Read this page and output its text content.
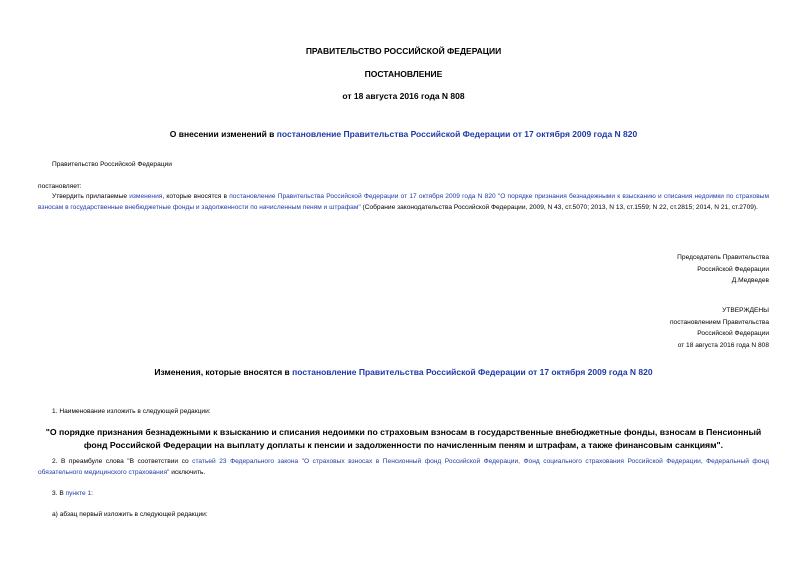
ПРАВИТЕЛЬСТВО РОССИЙСКОЙ ФЕДЕРАЦИИ
ПОСТАНОВЛЕНИЕ
от 18 августа 2016 года N 808
О внесении изменений в постановление Правительства Российской Федерации от 17 октября 2009 года N 820
Правительство Российской Федерации
постановляет:
Утвердить прилагаемые изменения, которые вносятся в постановление Правительства Российской Федерации от 17 октября 2009 года N 820 "О порядке признания безнадежными к взысканию и списания недоимки по страховым взносам в государственные внебюджетные фонды и задолженности по начисленным пеням и штрафам" (Собрание законодательства Российской Федерации, 2009, N 43, ст.5070; 2013, N 13, ст.1559; N 22, ст.2815; 2014, N 21, ст.2709).
Председатель Правительства
Российской Федерации
Д.Медведев
УТВЕРЖДЕНЫ
постановлением Правительства
Российской Федерации
от 18 августа 2016 года N 808
Изменения, которые вносятся в постановление Правительства Российской Федерации от 17 октября 2009 года N 820
1. Наименование изложить в следующей редакции:
"О порядке признания безнадежными к взысканию и списания недоимки по страховым взносам в государственные внебюджетные фонды, взносам в Пенсионный фонд Российской Федерации на выплату доплаты к пенсии и задолженности по начисленным пеням и штрафам, а также финансовым санкциям".
2. В преамбуле слова "В соответствии со статьей 23 Федерального закона "О страховых взносах в Пенсионный фонд Российской Федерации, Фонд социального страхования Российской Федерации, Федеральный фонд обязательного медицинского страхования" исключить.
3. В пункте 1:
а) абзац первый изложить в следующей редакции:
